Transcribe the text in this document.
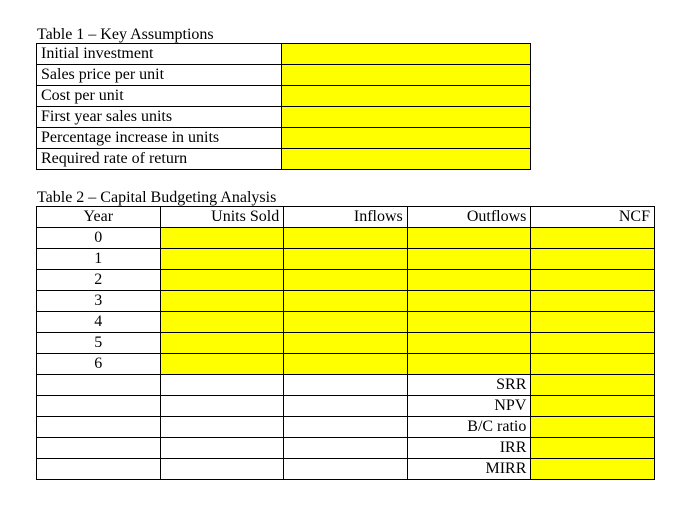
Table 1 – Key Assumptions
Initial investment	
Sales price per unit	
Cost per unit	
First year sales units	
Percentage increase in units	
Required rate of return	
Table 2 – Capital Budgeting Analysis
Year	Units Sold	Inflows	Outflows	NCF
0				
1				
2				
3				
4				
5				
6				
			SRR	
			NPV	
			B/C ratio	
			IRR	
			MIRR	
